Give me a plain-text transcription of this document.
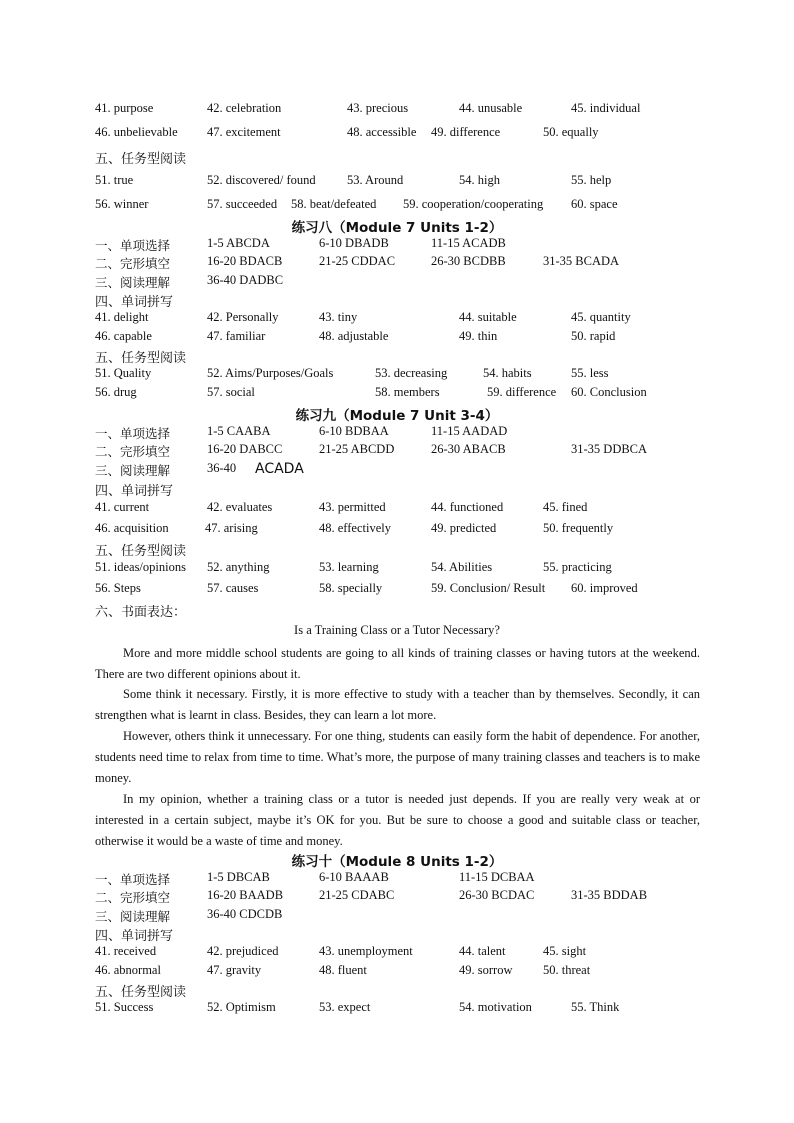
41. purpose	42. celebration	43. precious	44. unusable	45. individual
46. unbelievable 47. excitement	48. accessible 49. difference	50. equally
五、任务型阅读
51. true	52. discovered/ found	53. Around	54. high	55. help
56. winner	57. succeeded 58. beat/defeated 59. cooperation/cooperating 60. space
练习八（Module 7 Units 1-2）
一、单项选择	1-5 ABCDA	6-10 DBADB	11-15 ACADB
二、完形填空	16-20 BDACB	21-25 CDDAC	26-30 BCDBB	31-35 BCADA
三、阅读理解	36-40 DADBC
四、单词拼写
41. delight	42. Personally	43. tiny	44. suitable	45. quantity
46. capable	47. familiar	48. adjustable	49. thin	50. rapid
五、任务型阅读
51. Quality	52. Aims/Purposes/Goals	53. decreasing	54. habits	55. less
56. drug	57. social	58. members	59. difference 60. Conclusion
练习九（Module 7 Unit 3-4）
一、单项选择	1-5 CAABA	6-10 BDBAA	11-15 AADAD
二、完形填空	16-20 DABCC	21-25 ABCDD	26-30 ABACB	31-35 DDBCA
三、阅读理解	36-40 ACADA
四、单词拼写
41. current	42. evaluates	43. permitted	44. functioned	45. fined
46. acquisition	47. arising	48. effectively	49. predicted	50. frequently
五、任务型阅读
51. ideas/opinions 52. anything	53. learning	54. Abilities	55. practicing
56. Steps	57. causes	58. specially	59. Conclusion/ Result 60. improved
六、书面表达：
Is a Training Class or a Tutor Necessary?
More and more middle school students are going to all kinds of training classes or having tutors at the weekend. There are two different opinions about it.
Some think it necessary. Firstly, it is more effective to study with a teacher than by themselves. Secondly, it can strengthen what is learnt in class. Besides, they can learn a lot more.
However, others think it unnecessary. For one thing, students can easily form the habit of dependence. For another, students need time to relax from time to time. What’s more, the purpose of many training classes and teachers is to make money.
In my opinion, whether a training class or a tutor is needed just depends. If you are really very weak at or interested in a certain subject, maybe it’s OK for you. But be sure to choose a good and suitable class or teacher, otherwise it would be a waste of time and money.
练习十（Module 8 Units 1-2）
一、单项选择	1-5 DBCAB	6-10 BAAAB	11-15 DCBAA
二、完形填空	16-20 BAADB	21-25 CDABC	26-30 BCDAC	31-35 BDDAB
三、阅读理解	36-40 CDCDB
四、单词拼写
41. received	42. prejudiced	43. unemployment	44. talent	45. sight
46. abnormal	47. gravity	48. fluent	49. sorrow 50. threat
五、任务型阅读
51. Success	52. Optimism	53. expect	54. motivation	55. Think
